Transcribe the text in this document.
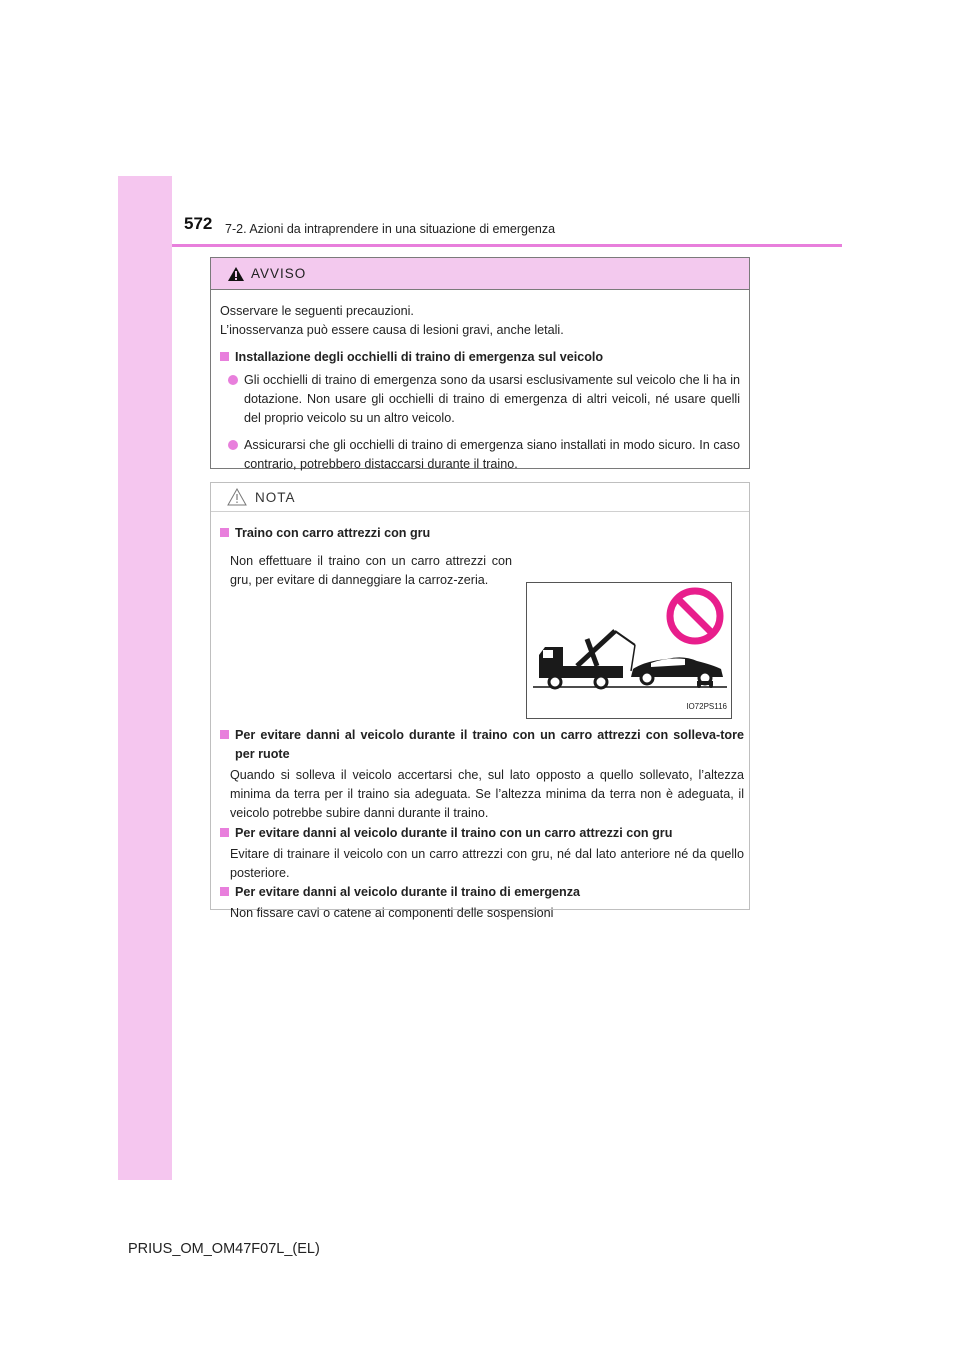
572 7-2. Azioni da intraprendere in una situazione di emergenza
AVVISO

Osservare le seguenti precauzioni.

L’inosservanza può essere causa di lesioni gravi, anche letali.

Installazione degli occhielli di traino di emergenza sul veicolo
Gli occhielli di traino di emergenza sono da usarsi esclusivamente sul veicolo che li ha in dotazione. Non usare gli occhielli di traino di emergenza di altri veicoli, né usare quelli del proprio veicolo su un altro veicolo.
Assicurarsi che gli occhielli di traino di emergenza siano installati in modo sicuro. In caso contrario, potrebbero distaccarsi durante il traino.
NOTA
Traino con carro attrezzi con gru
Non effettuare il traino con un carro attrezzi con gru, per evitare di danneggiare la carroz-zeria.
IO72PS116
Per evitare danni al veicolo durante il traino con un carro attrezzi con solleva-tore per ruote
Quando si solleva il veicolo accertarsi che, sul lato opposto a quello sollevato, l’altezza minima da terra per il traino sia adeguata. Se l’altezza minima da terra non è adeguata, il veicolo potrebbe subire danni durante il traino.
Per evitare danni al veicolo durante il traino con un carro attrezzi con gru
Evitare di trainare il veicolo con un carro attrezzi con gru, né dal lato anteriore né da quello posteriore.
Per evitare danni al veicolo durante il traino di emergenza
Non fissare cavi o catene ai componenti delle sospensioni
PRIUS_OM_OM47F07L_(EL)
